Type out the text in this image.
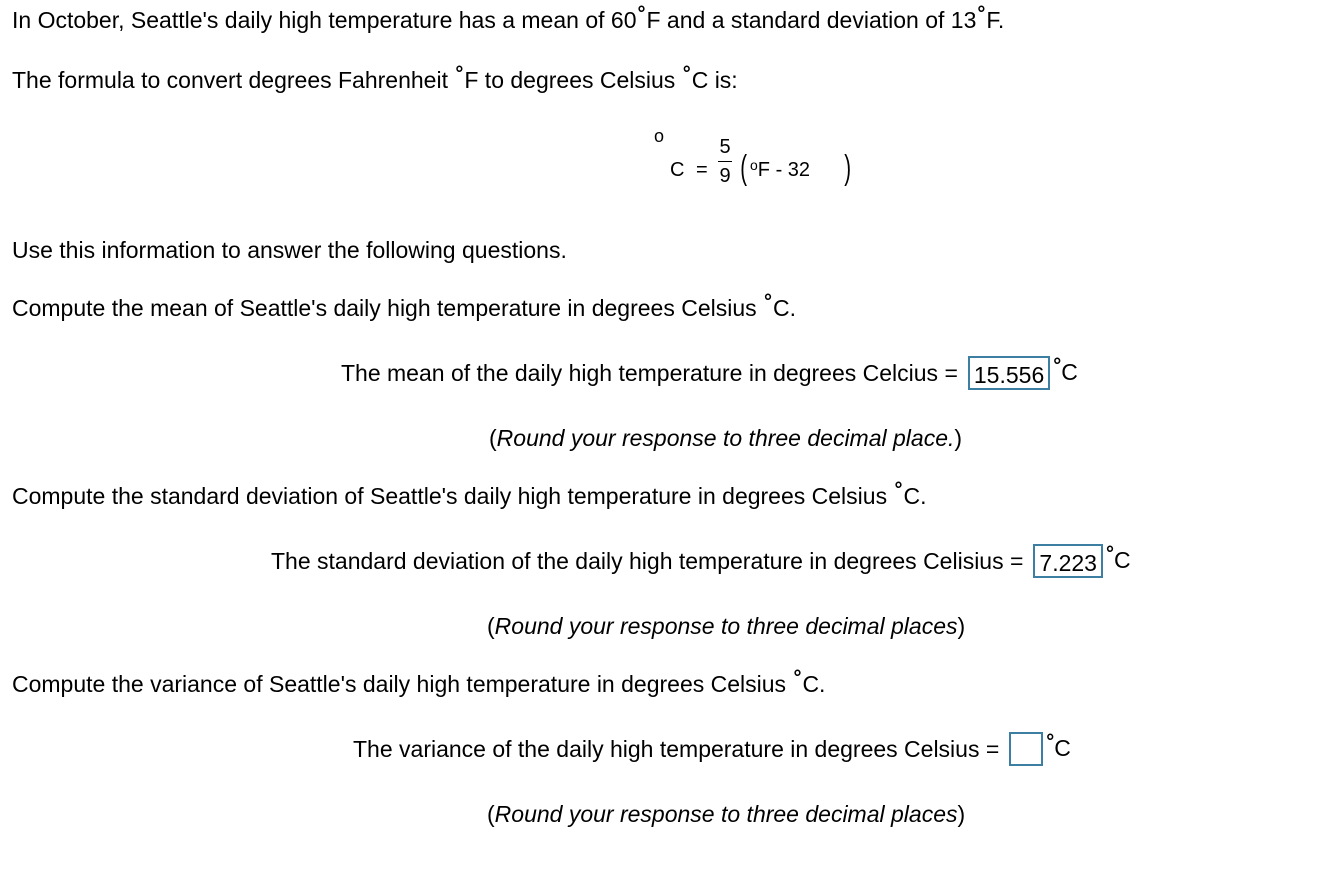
In October, Seattle's daily high temperature has a mean of 60°F and a standard deviation of 13°F.
The formula to convert degrees Fahrenheit °F to degrees Celsius °C is:
o
C =
5
9 ( $^o$F - 32 )
Use this information to answer the following questions.
Compute the mean of Seattle's daily high temperature in degrees Celsius °C.
The mean of the daily high temperature in degrees Celcius = 15.556 °C
(Round your response to three decimal place.)
Compute the standard deviation of Seattle's daily high temperature in degrees Celsius °C.
The standard deviation of the daily high temperature in degrees Celisius = 7.223 °C
(Round your response to three decimal places)
Compute the variance of Seattle's daily high temperature in degrees Celsius °C.
The variance of the daily high temperature in degrees Celsius = °C
(Round your response to three decimal places)
